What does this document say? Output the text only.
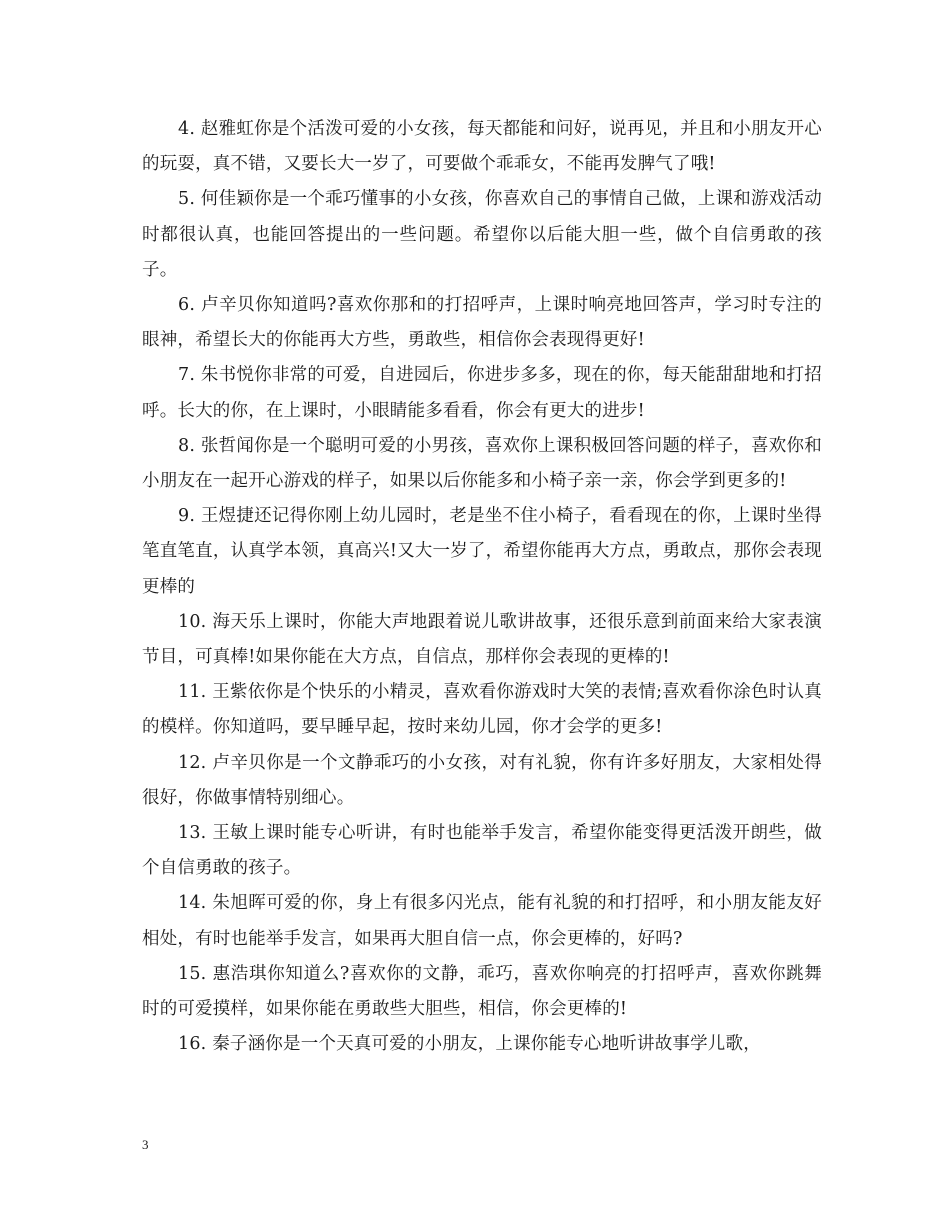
4. 赵雅虹你是个活泼可爱的小女孩，每天都能和问好，说再见，并且和小朋友开心的玩耍，真不错，又要长大一岁了，可要做个乖乖女，不能再发脾气了哦!

5. 何佳颖你是一个乖巧懂事的小女孩，你喜欢自己的事情自己做，上课和游戏活动时都很认真，也能回答提出的一些问题。希望你以后能大胆一些，做个自信勇敢的孩子。

6. 卢辛贝你知道吗?喜欢你那和的打招呼声，上课时响亮地回答声，学习时专注的眼神，希望长大的你能再大方些，勇敢些，相信你会表现得更好!

7. 朱书悦你非常的可爱，自进园后，你进步多多，现在的你，每天能甜甜地和打招呼。长大的你，在上课时，小眼睛能多看看，你会有更大的进步!

8. 张哲闻你是一个聪明可爱的小男孩，喜欢你上课积极回答问题的样子，喜欢你和小朋友在一起开心游戏的样子，如果以后你能多和小椅子亲一亲，你会学到更多的!

9. 王煜捷还记得你刚上幼儿园时，老是坐不住小椅子，看看现在的你，上课时坐得笔直笔直，认真学本领，真高兴!又大一岁了，希望你能再大方点，勇敢点，那你会表现更棒的

10. 海天乐上课时，你能大声地跟着说儿歌讲故事，还很乐意到前面来给大家表演节目，可真棒!如果你能在大方点，自信点，那样你会表现的更棒的!

11. 王紫依你是个快乐的小精灵，喜欢看你游戏时大笑的表情;喜欢看你涂色时认真的模样。你知道吗，要早睡早起，按时来幼儿园，你才会学的更多!

12. 卢辛贝你是一个文静乖巧的小女孩，对有礼貌，你有许多好朋友，大家相处得很好，你做事情特别细心。

13. 王敏上课时能专心听讲，有时也能举手发言，希望你能变得更活泼开朗些，做个自信勇敢的孩子。

14. 朱旭晖可爱的你，身上有很多闪光点，能有礼貌的和打招呼，和小朋友能友好相处，有时也能举手发言，如果再大胆自信一点，你会更棒的，好吗?

15. 惠浩琪你知道么?喜欢你的文静，乖巧，喜欢你响亮的打招呼声，喜欢你跳舞时的可爱摸样，如果你能在勇敢些大胆些，相信，你会更棒的!

16. 秦子涵你是一个天真可爱的小朋友，上课你能专心地听讲故事学儿歌，

3
